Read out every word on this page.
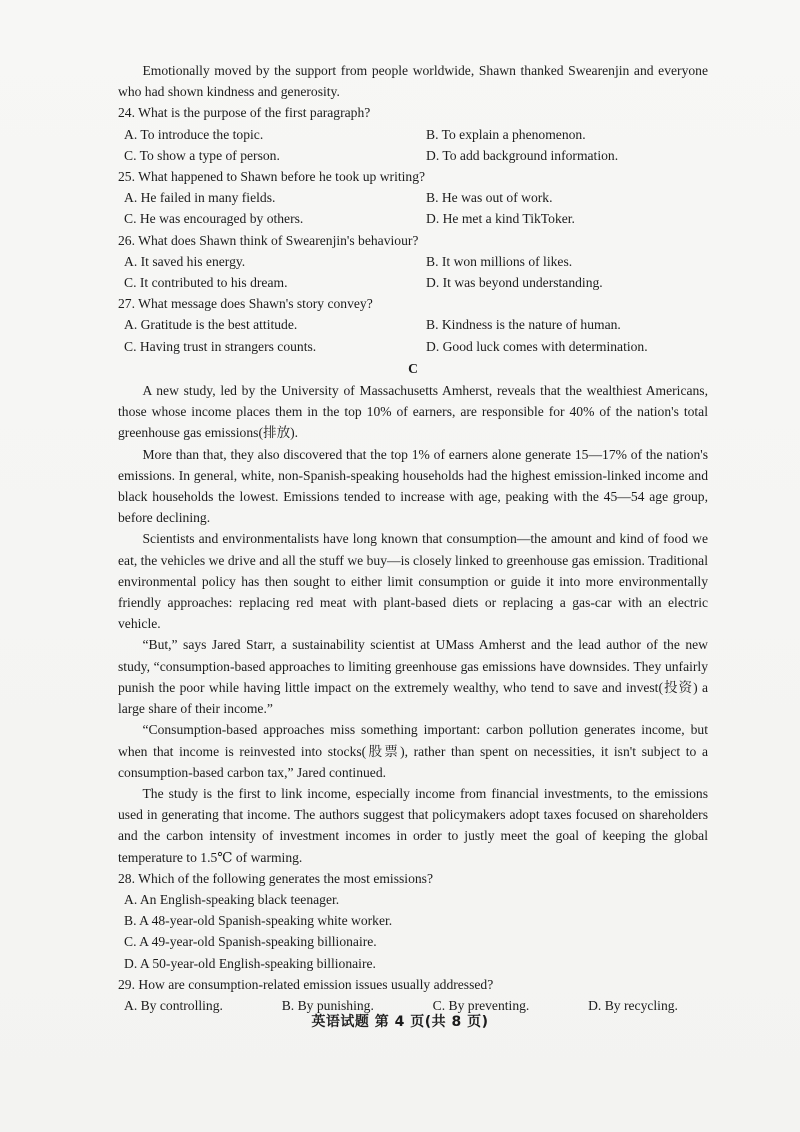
Emotionally moved by the support from people worldwide, Shawn thanked Swearenjin and everyone who had shown kindness and generosity.

24. What is the purpose of the first paragraph?

A. To introduce the topic.	B. To explain a phenomenon.
C. To show a type of person.	D. To add background information.

25. What happened to Shawn before he took up writing?

A. He failed in many fields.	B. He was out of work.
C. He was encouraged by others.	D. He met a kind TikToker.

26. What does Shawn think of Swearenjin's behaviour?

A. It saved his energy.	B. It won millions of likes.
C. It contributed to his dream.	D. It was beyond understanding.

27. What message does Shawn's story convey?

A. Gratitude is the best attitude.	B. Kindness is the nature of human.
C. Having trust in strangers counts.	D. Good luck comes with determination.
C

A new study, led by the University of Massachusetts Amherst, reveals that the wealthiest Americans, those whose income places them in the top 10% of earners, are responsible for 40% of the nation's total greenhouse gas emissions(排放).

More than that, they also discovered that the top 1% of earners alone generate 15—17% of the nation's emissions. In general, white, non-Spanish-speaking households had the highest emission-linked income and black households the lowest. Emissions tended to increase with age, peaking with the 45—54 age group, before declining.

Scientists and environmentalists have long known that consumption—the amount and kind of food we eat, the vehicles we drive and all the stuff we buy—is closely linked to greenhouse gas emission. Traditional environmental policy has then sought to either limit consumption or guide it into more environmentally friendly approaches: replacing red meat with plant-based diets or replacing a gas-car with an electric vehicle.

“But,” says Jared Starr, a sustainability scientist at UMass Amherst and the lead author of the new study, “consumption-based approaches to limiting greenhouse gas emissions have downsides. They unfairly punish the poor while having little impact on the extremely wealthy, who tend to save and invest(投资) a large share of their income.”

“Consumption-based approaches miss something important: carbon pollution generates income, but when that income is reinvested into stocks(股票), rather than spent on necessities, it isn't subject to a consumption-based carbon tax,” Jared continued.

The study is the first to link income, especially income from financial investments, to the emissions used in generating that income. The authors suggest that policymakers adopt taxes focused on shareholders and the carbon intensity of investment incomes in order to justly meet the goal of keeping the global temperature to 1.5℃ of warming.

28. Which of the following generates the most emissions?

A. An English-speaking black teenager.
B. A 48-year-old Spanish-speaking white worker.
C. A 49-year-old Spanish-speaking billionaire.
D. A 50-year-old English-speaking billionaire.

29. How are consumption-related emission issues usually addressed?

A. By controlling.	B. By punishing.	C. By preventing.	D. By recycling.
英语试题 第 4 页(共 8 页)
